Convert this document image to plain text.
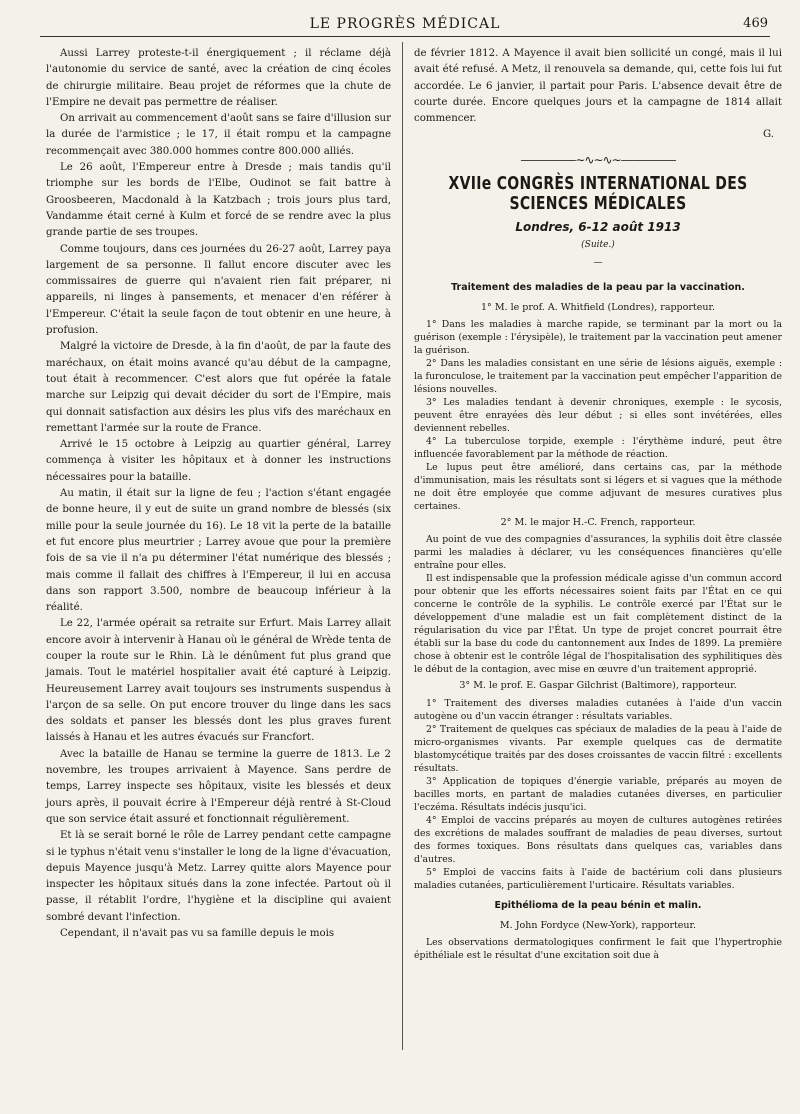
LE PROGRÈS MÉDICAL	469

Aussi Larrey proteste-t-il énergiquement ; il réclame déjà l'autonomie du service de santé, avec la création de cinq écoles de chirurgie militaire. Beau projet de réformes que la chute de l'Empire ne devait pas permettre de réaliser.

On arrivait au commencement d'août sans se faire d'illusion sur la durée de l'armistice ; le 17, il était rompu et la campagne recommençait avec 380.000 hommes contre 800.000 alliés.

Le 26 août, l'Empereur entre à Dresde ; mais tandis qu'il triomphe sur les bords de l'Elbe, Oudinot se fait battre à Groosbeeren, Macdonald à la Katzbach ; trois jours plus tard, Vandamme était cerné à Kulm et forcé de se rendre avec la plus grande partie de ses troupes.

Comme toujours, dans ces journées du 26-27 août, Larrey paya largement de sa personne. Il fallut encore discuter avec les commissaires de guerre qui n'avaient rien fait préparer, ni appareils, ni linges à pansements, et menacer d'en référer à l'Empereur. C'était la seule façon de tout obtenir en une heure, à profusion.

Malgré la victoire de Dresde, à la fin d'août, de par la faute des maréchaux, on était moins avancé qu'au début de la campagne, tout était à recommencer. C'est alors que fut opérée la fatale marche sur Leipzig qui devait décider du sort de l'Empire, mais qui donnait satisfaction aux désirs les plus vifs des maréchaux en remettant l'armée sur la route de France.

Arrivé le 15 octobre à Leipzig au quartier général, Larrey commença à visiter les hôpitaux et à donner les instructions nécessaires pour la bataille.

Au matin, il était sur la ligne de feu ; l'action s'étant engagée de bonne heure, il y eut de suite un grand nombre de blessés (six mille pour la seule journée du 16). Le 18 vit la perte de la bataille et fut encore plus meurtrier ; Larrey avoue que pour la première fois de sa vie il n'a pu déterminer l'état numérique des blessés ; mais comme il fallait des chiffres à l'Empereur, il lui en accusa dans son rapport 3.500, nombre de beaucoup inférieur à la réalité.

Le 22, l'armée opérait sa retraite sur Erfurt. Mais Larrey allait encore avoir à intervenir à Hanau où le général de Wrède tenta de couper la route sur le Rhin. Là le dénûment fut plus grand que jamais. Tout le matériel hospitalier avait été capturé à Leipzig. Heureusement Larrey avait toujours ses instruments suspendus à l'arçon de sa selle. On put encore trouver du linge dans les sacs des soldats et panser les blessés dont les plus graves furent laissés à Hanau et les autres évacués sur Francfort.

Avec la bataille de Hanau se termine la guerre de 1813. Le 2 novembre, les troupes arrivaient à Mayence. Sans perdre de temps, Larrey inspecte ses hôpitaux, visite les blessés et deux jours après, il pouvait écrire à l'Empereur déjà rentré à St-Cloud que son service était assuré et fonctionnait régulièrement.

Et là se serait borné le rôle de Larrey pendant cette campagne si le typhus n'était venu s'installer le long de la ligne d'évacuation, depuis Mayence jusqu'à Metz. Larrey quitte alors Mayence pour inspecter les hôpitaux situés dans la zone infectée. Partout où il passe, il rétablit l'ordre, l'hygiène et la discipline qui avaient sombré devant l'infection.

Cependant, il n'avait pas vu sa famille depuis le mois

de février 1812. A Mayence il avait bien sollicité un congé, mais il lui avait été refusé. A Metz, il renouvela sa demande, qui, cette fois lui fut accordée. Le 6 janvier, il partait pour Paris. L'absence devait être de courte durée. Encore quelques jours et la campagne de 1814 allait commencer.

G.
—————∼∿∼∿∼—————
XVIIe CONGRÈS INTERNATIONAL DES SCIENCES MÉDICALES
Londres, 6-12 août 1913
(Suite.)
—
Traitement des maladies de la peau par la vaccination.
1° M. le prof. A. Whitfield (Londres), rapporteur.

1° Dans les maladies à marche rapide, se terminant par la mort ou la guérison (exemple : l'érysipèle), le traitement par la vaccination peut amener la guérison.

2° Dans les maladies consistant en une série de lésions aiguës, exemple : la furonculose, le traitement par la vaccination peut empêcher l'apparition de lésions nouvelles.

3° Les maladies tendant à devenir chroniques, exemple : le sycosis, peuvent être enrayées dès leur début ; si elles sont invétérées, elles deviennent rebelles.

4° La tuberculose torpide, exemple : l'érythème induré, peut être influencée favorablement par la méthode de réaction.

Le lupus peut être amélioré, dans certains cas, par la méthode d'immunisation, mais les résultats sont si légers et si vagues que la méthode ne doit être employée que comme adjuvant de mesures curatives plus certaines.

2° M. le major H.-C. French, rapporteur.

Au point de vue des compagnies d'assurances, la syphilis doit être classée parmi les maladies à déclarer, vu les conséquences financières qu'elle entraîne pour elles.

Il est indispensable que la profession médicale agisse d'un commun accord pour obtenir que les efforts nécessaires soient faits par l'État en ce qui concerne le contrôle de la syphilis. Le contrôle exercé par l'État sur le développement d'une maladie est un fait complètement distinct de la régularisation du vice par l'État. Un type de projet concret pourrait être établi sur la base du code du cantonnement aux Indes de 1899. La première chose à obtenir est le contrôle légal de l'hospitalisation des syphilitiques dès le début de la contagion, avec mise en œuvre d'un traitement approprié.

3° M. le prof. E. Gaspar Gilchrist (Baltimore), rapporteur.

1° Traitement des diverses maladies cutanées à l'aide d'un vaccin autogène ou d'un vaccin étranger : résultats variables.

2° Traitement de quelques cas spéciaux de maladies de la peau à l'aide de micro-organismes vivants. Par exemple quelques cas de dermatite blastomycétique traités par des doses croissantes de vaccin filtré : excellents résultats.

3° Application de topiques d'énergie variable, préparés au moyen de bacilles morts, en partant de maladies cutanées diverses, en particulier l'eczéma. Résultats indécis jusqu'ici.

4° Emploi de vaccins préparés au moyen de cultures autogènes retirées des excrétions de malades souffrant de maladies de peau diverses, surtout des formes toxiques. Bons résultats dans quelques cas, variables dans d'autres.

5° Emploi de vaccins faits à l'aide de bactérium coli dans plusieurs maladies cutanées, particulièrement l'urticaire. Résultats variables.

Epithélioma de la peau bénin et malin.
M. John Fordyce (New-York), rapporteur.

Les observations dermatologiques confirment le fait que l'hypertrophie épithéliale est le résultat d'une excitation soit due à
